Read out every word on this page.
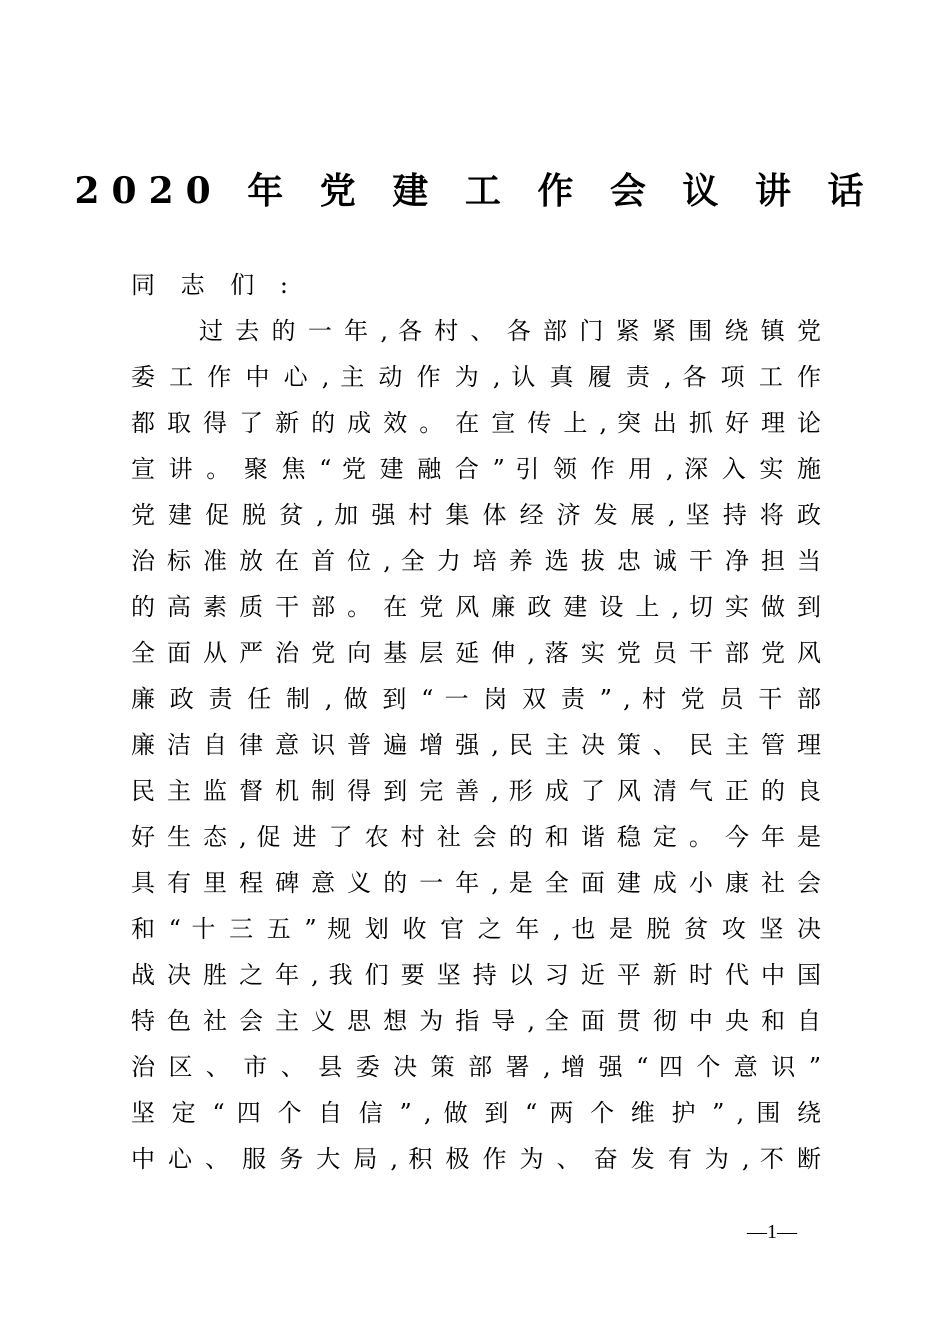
2020 年 党 建 工 作 会 议 讲 话
同 志 们 :
过 去 的 一 年 , 各 村 、 各 部 门 紧 紧 围 绕 镇 党
委 工 作 中 心 , 主 动 作 为 , 认 真 履 责 , 各 项 工 作
都 取 得 了 新 的 成 效 。 在 宣 传 上 , 突 出 抓 好 理 论
宣 讲 。 聚 焦 “ 党 建 融 合 ” 引 领 作 用 , 深 入 实 施
党 建 促 脱 贫 , 加 强 村 集 体 经 济 发 展 , 坚 持 将 政
治 标 准 放 在 首 位 , 全 力 培 养 选 拔 忠 诚 干 净 担 当
的 高 素 质 干 部 。 在 党 风 廉 政 建 设 上 , 切 实 做 到
全 面 从 严 治 党 向 基 层 延 伸 , 落 实 党 员 干 部 党 风
廉 政 责 任 制 , 做 到 “ 一 岗 双 责 ” , 村 党 员 干 部
廉 洁 自 律 意 识 普 遍 增 强 , 民 主 决 策 、 民 主 管 理
民 主 监 督 机 制 得 到 完 善 , 形 成 了 风 清 气 正 的 良
好 生 态 , 促 进 了 农 村 社 会 的 和 谐 稳 定 。 今 年 是
具 有 里 程 碑 意 义 的 一 年 , 是 全 面 建 成 小 康 社 会
和 “ 十 三 五 ” 规 划 收 官 之 年 , 也 是 脱 贫 攻 坚 决
战 决 胜 之 年 , 我 们 要 坚 持 以 习 近 平 新 时 代 中 国
特 色 社 会 主 义 思 想 为 指 导 , 全 面 贯 彻 中 央 和 自
治 区 、 市 、 县 委 决 策 部 署 , 增 强 “ 四 个 意 识 ”
坚 定 “ 四 个 自 信 ” , 做 到 “ 两 个 维 护 ” , 围 绕
中 心 、 服 务 大 局 , 积 极 作 为 、 奋 发 有 为 , 不 断
—1—
